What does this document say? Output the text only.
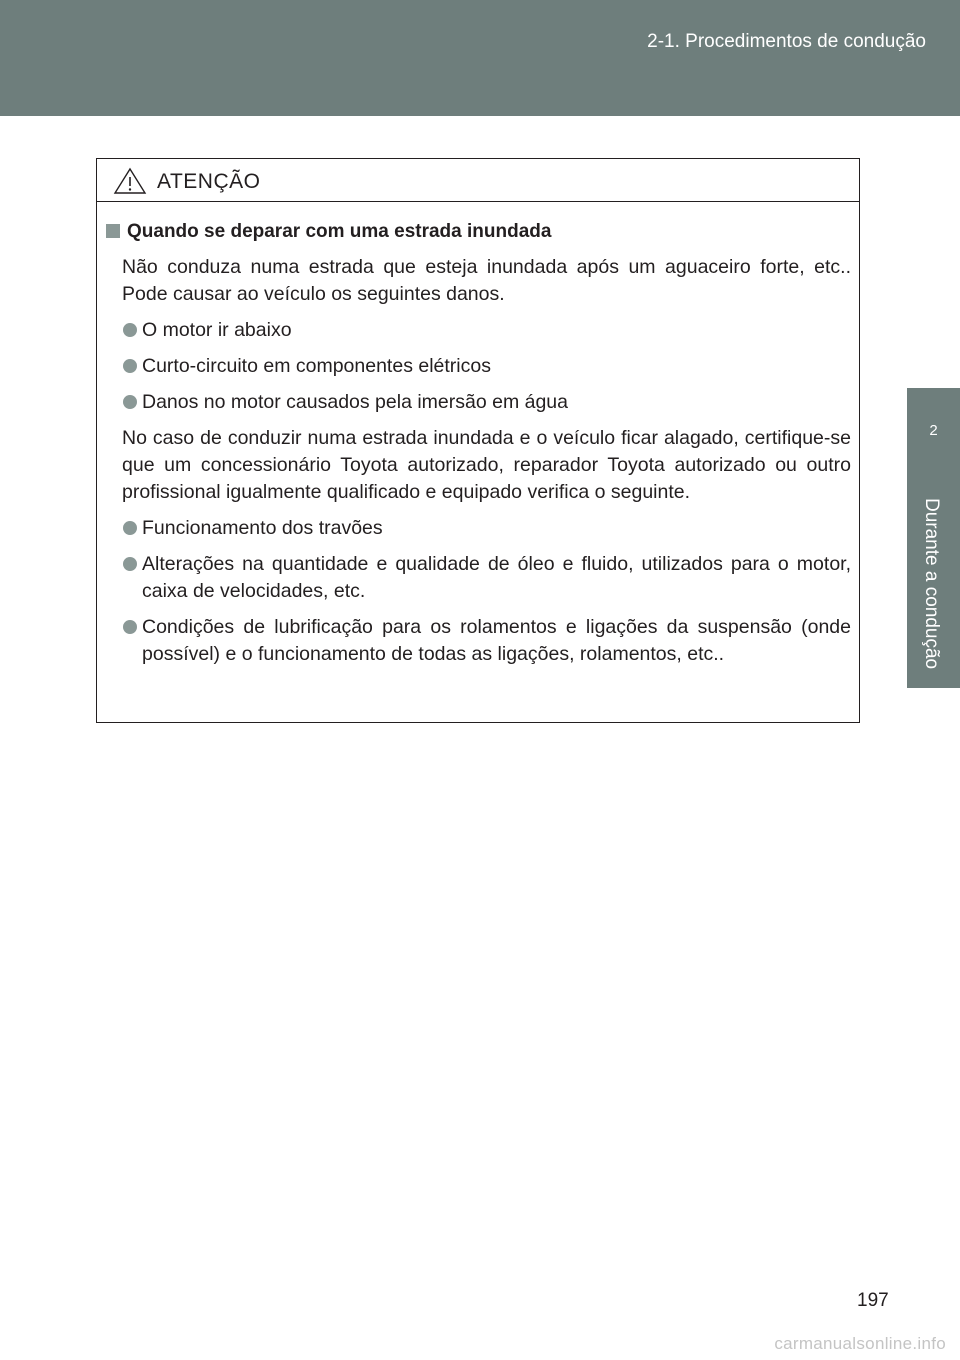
2-1. Procedimentos de condução
2
Durante a condução
ATENÇÃO
Quando se deparar com uma estrada inundada
Não conduza numa estrada que esteja inundada após um aguaceiro forte, etc.. Pode causar ao veículo os seguintes danos.
O motor ir abaixo
Curto-circuito em componentes elétricos
Danos no motor causados pela imersão em água
No caso de conduzir numa estrada inundada e o veículo ficar alagado, certifique-se que um concessionário Toyota autorizado, reparador Toyota autorizado ou outro profissional igualmente qualificado e equipado verifica o seguinte.
Funcionamento dos travões
Alterações na quantidade e qualidade de óleo e fluido, utilizados para o motor, caixa de velocidades, etc.
Condições de lubrificação para os rolamentos e ligações da suspensão (onde possível) e o funcionamento de todas as ligações, rolamentos, etc..
197
carmanualsonline.info
